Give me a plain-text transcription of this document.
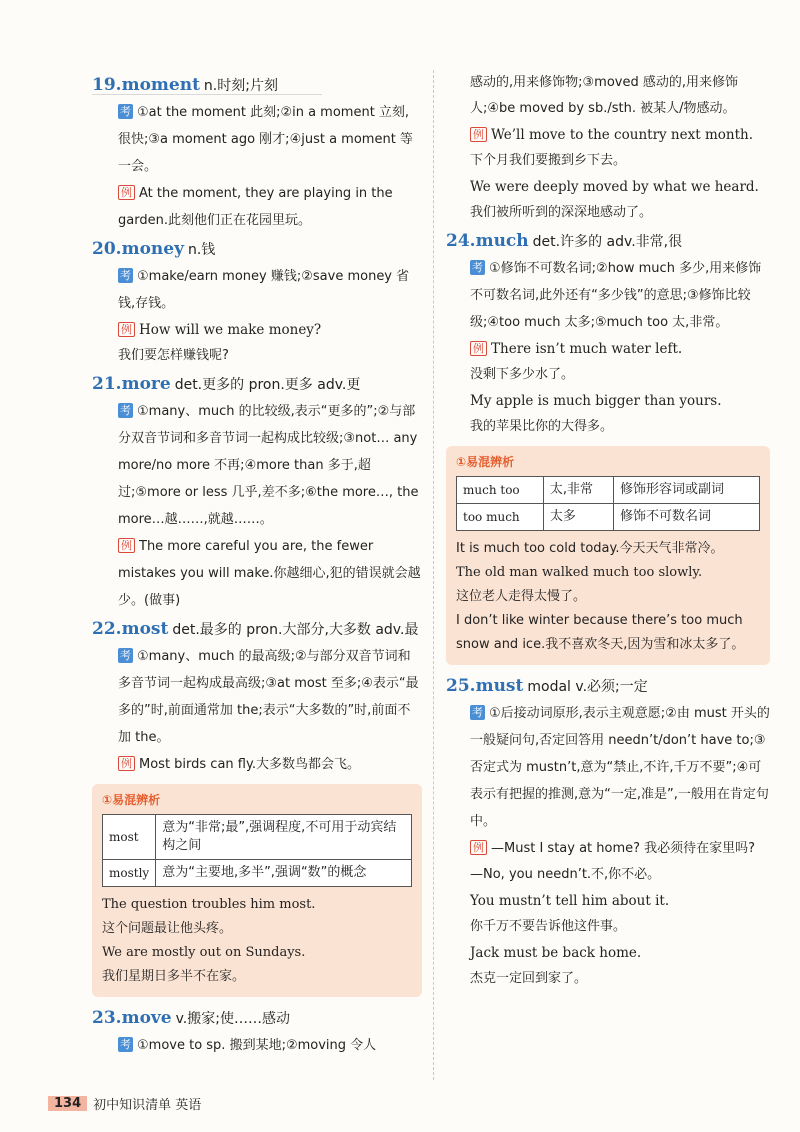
19.moment n.时刻;片刻

考 ①at the moment 此刻;②in a moment 立刻,很快;③a moment ago 刚才;④just a moment 等一会。

例 At the moment, they are playing in the garden.此刻他们正在花园里玩。

20.money n.钱

考 ①make/earn money 赚钱;②save money 省钱,存钱。

例 How will we make money?

我们要怎样赚钱呢?

21.more det.更多的 pron.更多 adv.更

考 ①many、much 的比较级,表示“更多的”;②与部分双音节词和多音节词一起构成比较级;③not… any more/no more 不再;④more than 多于,超过;⑤more or less 几乎,差不多;⑥the more…, the more…越……,就越……。

例 The more careful you are, the fewer mistakes you will make.你越细心,犯的错误就会越少。(做事)

22.most det.最多的 pron.大部分,大多数 adv.最

考 ①many、much 的最高级;②与部分双音节词和多音节词一起构成最高级;③at most 至多;④表示“最多的”时,前面通常加 the;表示“大多数的”时,前面不加 the。

例 Most birds can fly.大多数鸟都会飞。

①易混辨析
most	意为“非常;最”,强调程度,不可用于动宾结构之间
mostly	意为“主要地,多半”,强调“数”的概念

The question troubles him most.

这个问题最让他头疼。

We are mostly out on Sundays.

我们星期日多半不在家。

23.move v.搬家;使……感动

考 ①move to sp. 搬到某地;②moving 令人

感动的,用来修饰物;③moved 感动的,用来修饰人;④be moved by sb./sth. 被某人/物感动。

例 We’ll move to the country next month.

下个月我们要搬到乡下去。

We were deeply moved by what we heard.

我们被所听到的深深地感动了。

24.much det.许多的 adv.非常,很

考 ①修饰不可数名词;②how much 多少,用来修饰不可数名词,此外还有“多少钱”的意思;③修饰比较级;④too much 太多;⑤much too 太,非常。

例 There isn’t much water left.

没剩下多少水了。

My apple is much bigger than yours.

我的苹果比你的大得多。

①易混辨析
much too	太,非常	修饰形容词或副词
too much	太多	修饰不可数名词

It is much too cold today.今天天气非常冷。

The old man walked much too slowly.

这位老人走得太慢了。

I don’t like winter because there’s too much snow and ice.我不喜欢冬天,因为雪和冰太多了。

25.must modal v.必须;一定

考 ①后接动词原形,表示主观意愿;②由 must 开头的一般疑问句,否定回答用 needn’t/don’t have to;③否定式为 mustn’t,意为“禁止,不许,千万不要”;④可表示有把握的推测,意为“一定,准是”,一般用在肯定句中。

例 —Must I stay at home? 我必须待在家里吗?

—No, you needn’t.不,你不必。

You mustn’t tell him about it.

你千万不要告诉他这件事。

Jack must be back home.

杰克一定回到家了。

134 初中知识清单 英语
